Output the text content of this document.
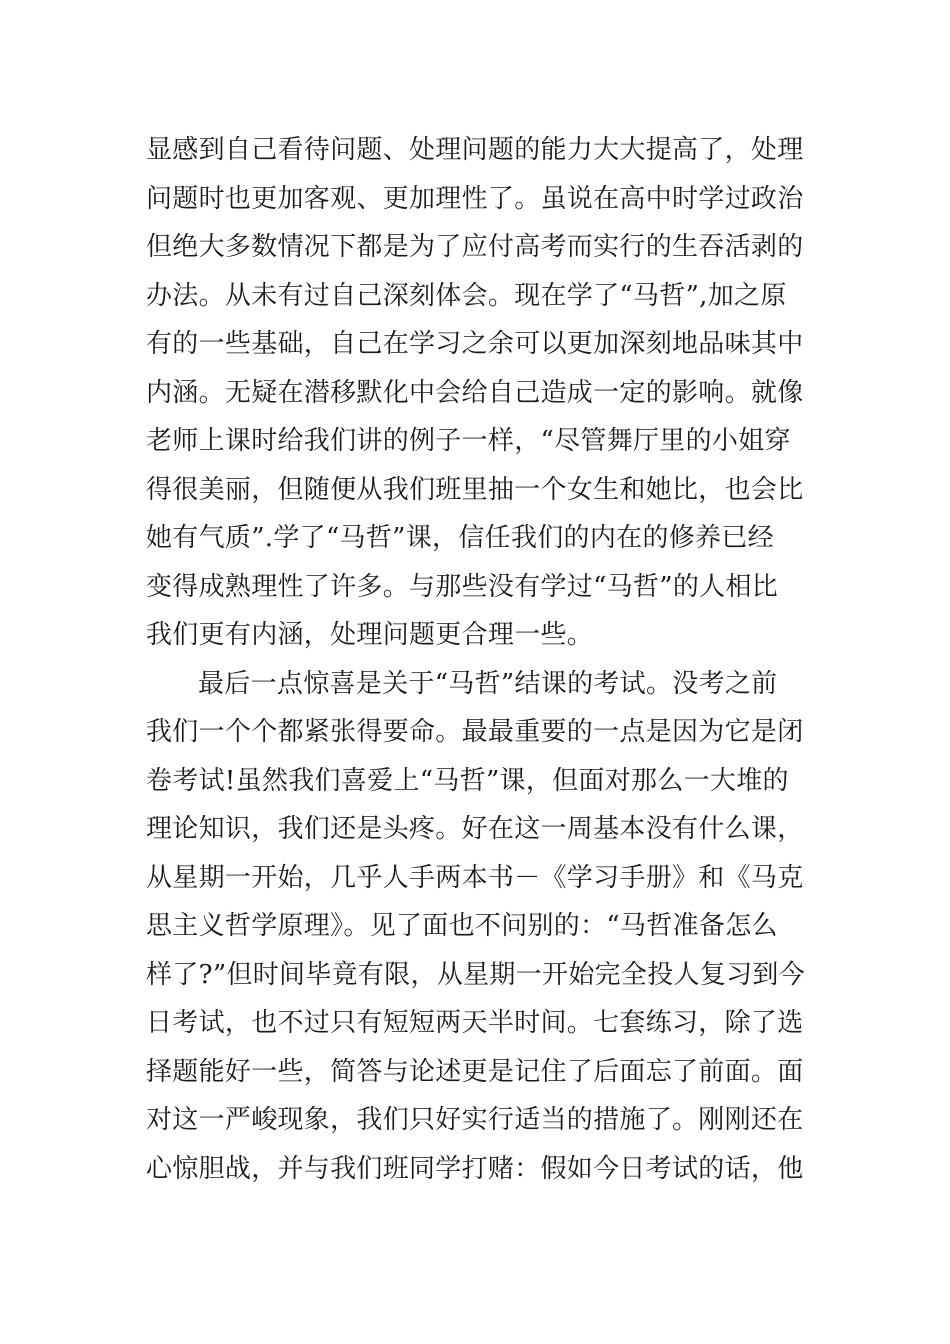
显感到自己看待问题、处理问题的能力大大提高了，处理
问题时也更加客观、更加理性了。虽说在高中时学过政治
但绝大多数情况下都是为了应付高考而实行的生吞活剥的
办法。从未有过自己深刻体会。现在学了“马哲”,加之原
有的一些基础，自己在学习之余可以更加深刻地品味其中
内涵。无疑在潜移默化中会给自己造成一定的影响。就像
老师上课时给我们讲的例子一样，“尽管舞厅里的小姐穿
得很美丽，但随便从我们班里抽一个女生和她比，也会比
她有气质”.学了“马哲”课，信任我们的内在的修养已经
变得成熟理性了许多。与那些没有学过“马哲”的人相比
我们更有内涵，处理问题更合理一些。
最后一点惊喜是关于“马哲”结课的考试。没考之前
我们一个个都紧张得要命。最最重要的一点是因为它是闭
卷考试!虽然我们喜爱上“马哲”课，但面对那么一大堆的
理论知识，我们还是头疼。好在这一周基本没有什么课，
从星期一开始，几乎人手两本书－《学习手册》和《马克
思主义哲学原理》。见了面也不问别的：“马哲准备怎么
样了?”但时间毕竟有限，从星期一开始完全投人复习到今
日考试，也不过只有短短两天半时间。七套练习，除了选
择题能好一些，简答与论述更是记住了后面忘了前面。面
对这一严峻现象，我们只好实行适当的措施了。刚刚还在
心惊胆战，并与我们班同学打赌：假如今日考试的话，他
